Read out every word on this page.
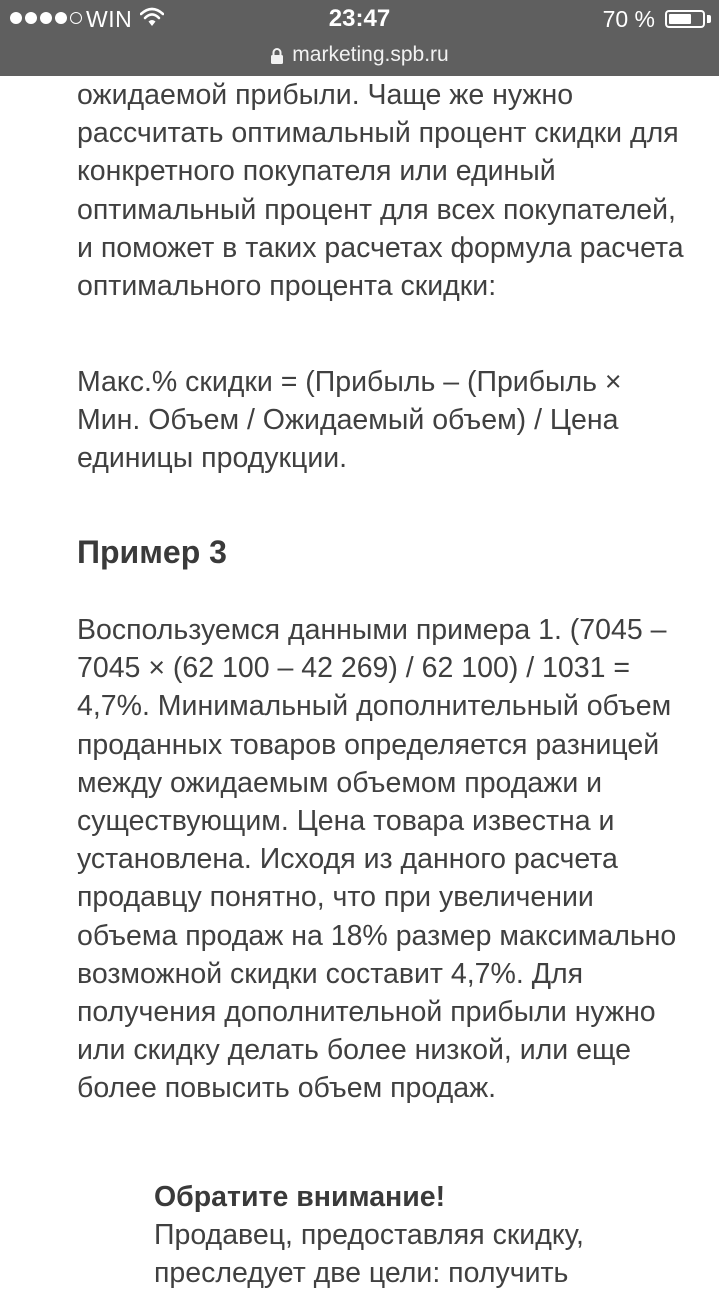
WIN	23:47	70 %
marketing.spb.ru

ожидаемой прибыли. Чаще же нужно рассчитать оптимальный процент скидки для конкретного покупателя или единый оптимальный процент для всех покупателей, и поможет в таких расчетах формула расчета оптимального процента скидки:

Макс.% скидки = (Прибыль – (Прибыль × Мин. Объем / Ожидаемый объем) / Цена единицы продукции.

Пример 3

Воспользуемся данными примера 1. (7045 – 7045 × (62 100 – 42 269) / 62 100) / 1031 = 4,7%. Минимальный дополнительный объем проданных товаров определяется разницей между ожидаемым объемом продажи и существующим. Цена товара известна и установлена. Исходя из данного расчета продавцу понятно, что при увеличении объема продаж на 18% размер максимально возможной скидки составит 4,7%. Для получения дополнительной прибыли нужно или скидку делать более низкой, или еще более повысить объем продаж.

Обратите внимание!
Продавец, предоставляя скидку, преследует две цели: получить
